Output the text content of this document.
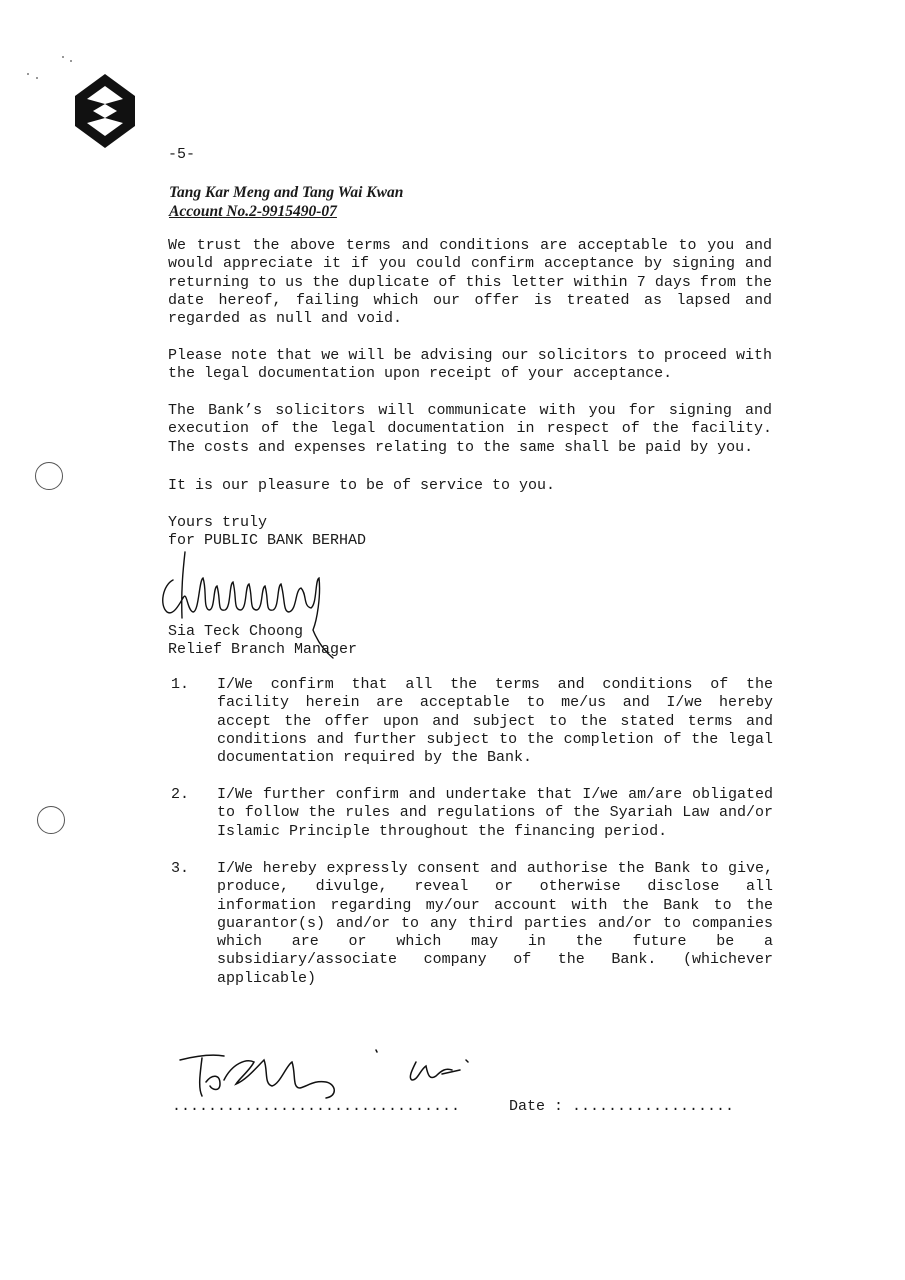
-5-
Tang Kar Meng and Tang Wai Kwan
Account No.2-9915490-07

We trust the above terms and conditions are acceptable to you and would appreciate it if you could confirm acceptance by signing and returning to us the duplicate of this letter within 7 days from the date hereof, failing which our offer is treated as lapsed and regarded as null and void.

Please note that we will be advising our solicitors to proceed with the legal documentation upon receipt of your acceptance.

The Bank’s solicitors will communicate with you for signing and execution of the legal documentation in respect of the facility. The costs and expenses relating to the same shall be paid by you.

It is our pleasure to be of service to you.

Yours truly
for PUBLIC BANK BERHAD
Sia Teck Choong
Relief Branch Manager
1. I/We confirm that all the terms and conditions of the facility herein are acceptable to me/us and I/we hereby accept the offer upon and subject to the stated terms and conditions and further subject to the completion of the legal documentation required by the Bank.
2. I/We further confirm and undertake that I/we am/are obligated to follow the rules and regulations of the Syariah Law and/or Islamic Principle throughout the financing period.
3. I/We hereby expressly consent and authorise the Bank to give, produce, divulge, reveal or otherwise disclose all information regarding my/our account with the Bank to the guarantor(s) and/or to any third parties and/or to companies which are or which may in the future be a subsidiary/associate company of the Bank. (whichever applicable)
................................	Date : ..................
